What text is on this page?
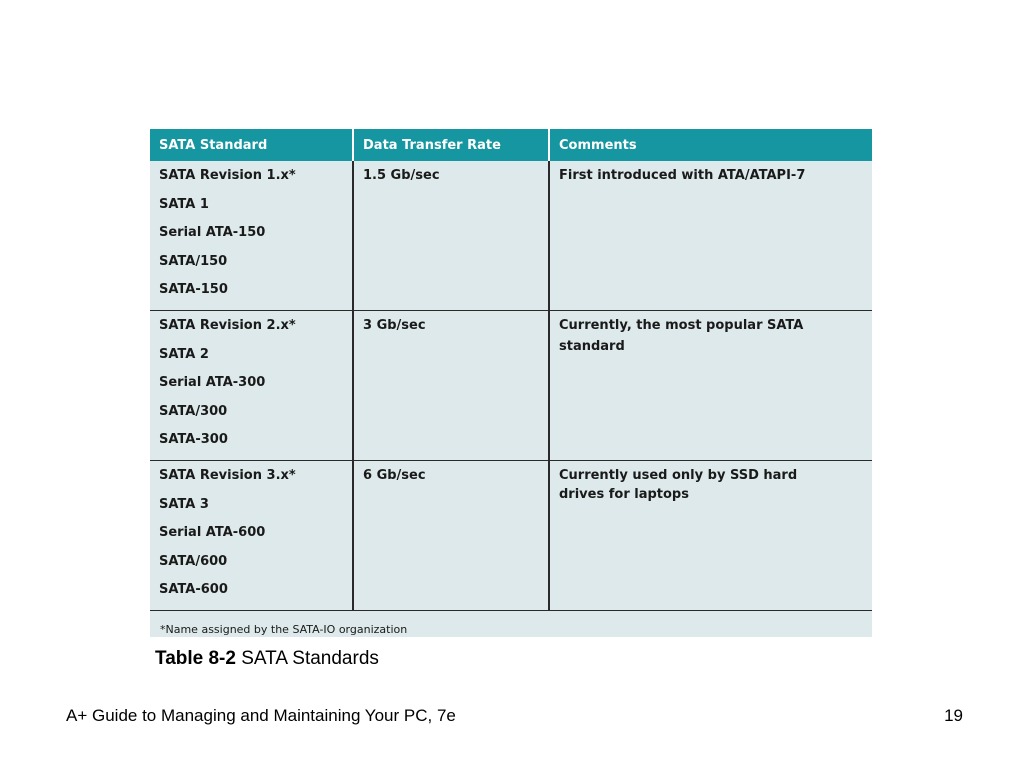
SATA Standard	Data Transfer Rate	Comments

SATA Revision 1.x*
SATA 1
Serial ATA-150
SATA/150
SATA-150	1.5 Gb/sec	First introduced with ATA/ATAPI-7

SATA Revision 2.x*
SATA 2
Serial ATA-300
SATA/300
SATA-300	3 Gb/sec	Currently, the most popular SATA standard

SATA Revision 3.x*
SATA 3
Serial ATA-600
SATA/600
SATA-600	6 Gb/sec	Currently used only by SSD hard
drives for laptops
*Name assigned by the SATA-IO organization
Table 8-2 SATA Standards
A+ Guide to Managing and Maintaining Your PC, 7e	19
